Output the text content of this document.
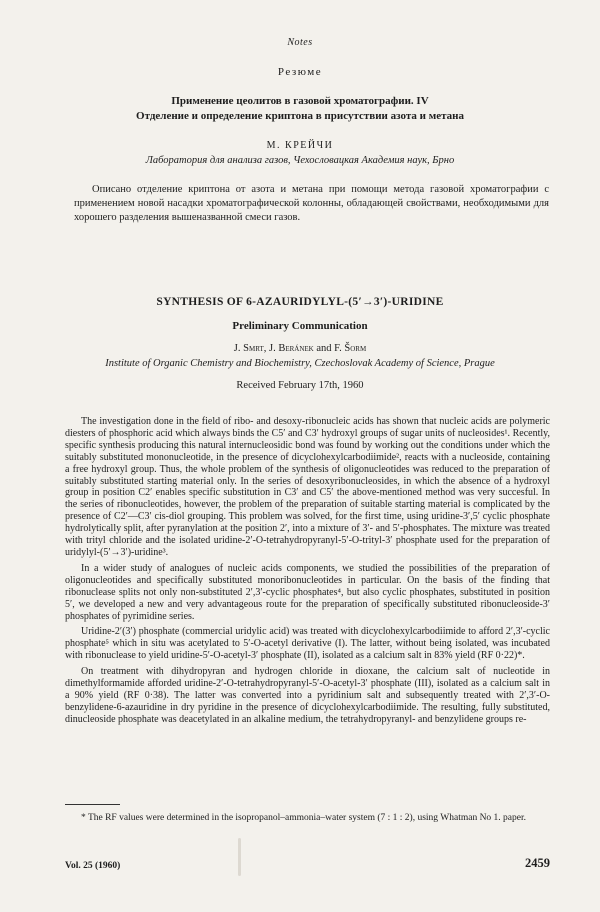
Notes
Резюме
Применение цеолитов в газовой хроматографии. IV
Отделение и определение криптона в присутствии азота и метана
М. КРЕЙЧИ
Лаборатория для анализа газов, Чехословацкая Академия наук, Брно
Описано отделение криптона от азота и метана при помощи метода газовой хроматографии с применением новой насадки хроматографической колонны, обладающей свойствами, необходимыми для хорошего разделения вышеназванной смеси газов.
SYNTHESIS OF 6-AZAURIDYLYL-(5′→3′)-URIDINE
Preliminary Communication
J. Smrt, J. Beránek and F. Šorm
Institute of Organic Chemistry and Biochemistry, Czechoslovak Academy of Science, Prague
Received February 17th, 1960

The investigation done in the field of ribo- and desoxy-ribonucleic acids has shown that nucleic acids are polymeric diesters of phosphoric acid which always binds the C5′ and C3′ hydroxyl groups of sugar units of nucleosides¹. Recently, specific synthesis producing this natural internucleosidic bond was found by working out the conditions under which the suitably substituted mononucleotide, in the presence of dicyclohexylcarbodiimide², reacts with a nucleoside, containing a free hydroxyl group. Thus, the whole problem of the synthesis of oligonucleotides was reduced to the preparation of suitably substituted starting material only. In the series of desoxyribonucleosides, in which the absence of a hydroxyl group in position C2′ enables specific substitution in C3′ and C5′ the above-mentioned method was very succesful. In the series of ribonucleotides, however, the problem of the preparation of suitable starting material is complicated by the presence of C2′—C3′ cis-diol grouping. This problem was solved, for the first time, using uridine-3′,5′ cyclic phosphate hydrolytically split, after pyranylation at the position 2′, into a mixture of 3′- and 5′-phosphates. The mixture was treated with trityl chloride and the isolated uridine-2′-O-tetrahydropyranyl-5′-O-trityl-3′ phosphate used for the preparation of uridylyl-(5′→3′)-uridine³.

In a wider study of analogues of nucleic acids components, we studied the possibilities of the preparation of oligonucleotides and specifically substituted monoribonucleotides in particular. On the basis of the finding that ribonuclease splits not only non-substituted 2′,3′-cyclic phosphates⁴, but also cyclic phosphates, substituted in position 5′, we developed a new and very advantageous route for the preparation of specifically substituted ribonucleoside-3′ phosphates of pyrimidine series.

Uridine-2′(3′) phosphate (commercial uridylic acid) was treated with dicyclohexylcarbodiimide to afford 2′,3′-cyclic phosphate⁵ which in situ was acetylated to 5′-O-acetyl derivative (I). The latter, without being isolated, was incubated with ribonuclease to yield uridine-5′-O-acetyl-3′ phosphate (II), isolated as a calcium salt in 83% yield (RF 0·22)*.

On treatment with dihydropyran and hydrogen chloride in dioxane, the calcium salt of nucleotide in dimethylformamide afforded uridine-2′-O-tetrahydropyranyl-5′-O-acetyl-3′ phosphate (III), isolated as a calcium salt in a 90% yield (RF 0·38). The latter was converted into a pyridinium salt and subsequently treated with 2′,3′-O-benzylidene-6-azauridine in dry pyridine in the presence of dicyclohexylcarbodiimide. The resulting, fully substituted, dinucleoside phosphate was deacetylated in an alkaline medium, the tetrahydropyranyl- and benzylidene groups re-

* The RF values were determined in the isopropanol–ammonia–water system (7 : 1 : 2), using Whatman No 1. paper.
Vol. 25 (1960)	2459
